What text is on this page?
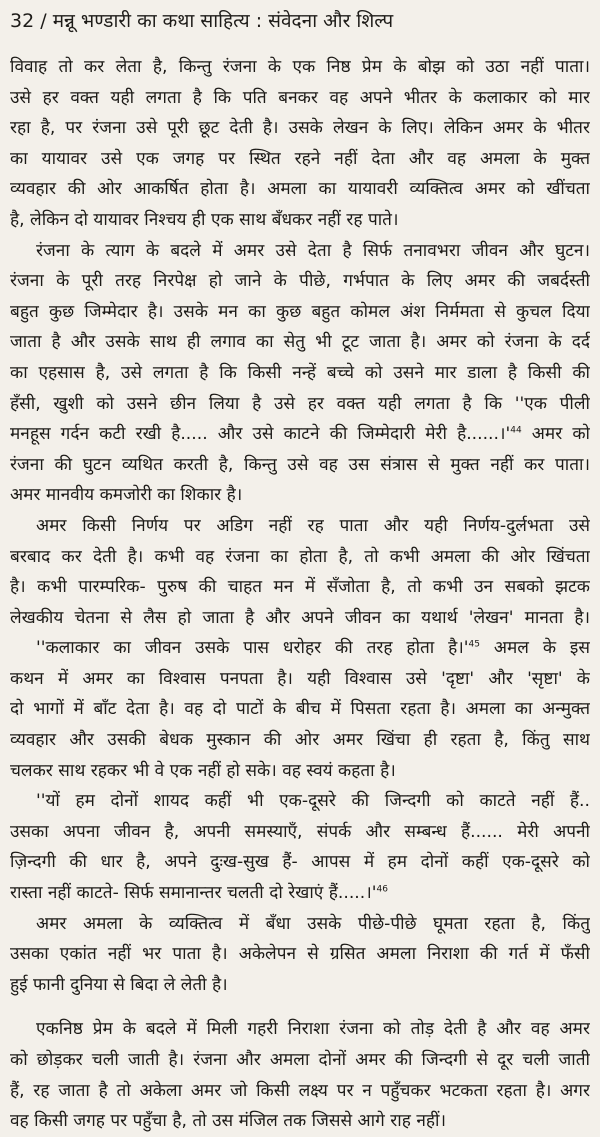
32 / मन्नू भण्डारी का कथा साहित्य : संवेदना और शिल्प
विवाह तो कर लेता है, किन्तु रंजना के एक निष्ठ प्रेम के बोझ को उठा नहीं पाता।
उसे हर वक्त यही लगता है कि पति बनकर वह अपने भीतर के कलाकार को मार
रहा है, पर रंजना उसे पूरी छूट देती है। उसके लेखन के लिए। लेकिन अमर के भीतर
का यायावर उसे एक जगह पर स्थित रहने नहीं देता और वह अमला के मुक्त
व्यवहार की ओर आकर्षित होता है। अमला का यायावरी व्यक्तित्व अमर को खींचता
है, लेकिन दो यायावर निश्चय ही एक साथ बँधकर नहीं रह पाते।
रंजना के त्याग के बदले में अमर उसे देता है सिर्फ तनावभरा जीवन और घुटन।
रंजना के पूरी तरह निरपेक्ष हो जाने के पीछे, गर्भपात के लिए अमर की जबर्दस्ती
बहुत कुछ जिम्मेदार है। उसके मन का कुछ बहुत कोमल अंश निर्ममता से कुचल दिया
जाता है और उसके साथ ही लगाव का सेतु भी टूट जाता है। अमर को रंजना के दर्द
का एहसास है, उसे लगता है कि किसी नन्हें बच्चे को उसने मार डाला है किसी की
हँसी, खुशी को उसने छीन लिया है उसे हर वक्त यही लगता है कि ''एक पीली
मनहूस गर्दन कटी रखी है..... और उसे काटने की जिम्मेदारी मेरी है......।'$^{44}$ अमर को
रंजना की घुटन व्यथित करती है, किन्तु उसे वह उस संत्रास से मुक्त नहीं कर पाता।
अमर मानवीय कमजोरी का शिकार है।
अमर किसी निर्णय पर अडिग नहीं रह पाता और यही निर्णय-दुर्लभता उसे
बरबाद कर देती है। कभी वह रंजना का होता है, तो कभी अमला की ओर खिंचता
है। कभी पारम्परिक- पुरुष की चाहत मन में सँजोता है, तो कभी उन सबको झटक
लेखकीय चेतना से लैस हो जाता है और अपने जीवन का यथार्थ 'लेखन' मानता है।
''कलाकार का जीवन उसके पास धरोहर की तरह होता है।'$^{45}$ अमल के इस
कथन में अमर का विश्वास पनपता है। यही विश्वास उसे 'दृष्टा' और 'सृष्टा' के
दो भागों में बाँट देता है। वह दो पाटों के बीच में पिसता रहता है। अमला का अन्मुक्त
व्यवहार और उसकी बेधक मुस्कान की ओर अमर खिंचा ही रहता है, किंतु साथ
चलकर साथ रहकर भी वे एक नहीं हो सके। वह स्वयं कहता है।
''यों हम दोनों शायद कहीं भी एक-दूसरे की जिन्दगी को काटते नहीं हैं..
उसका अपना जीवन है, अपनी समस्याएँ, संपर्क और सम्बन्ध हैं...... मेरी अपनी
ज़िन्दगी की धार है, अपने दुःख-सुख हैं- आपस में हम दोनों कहीं एक-दूसरे को
रास्ता नहीं काटते- सिर्फ समानान्तर चलती दो रेखाएं हैं.....।'$^{46}$
अमर अमला के व्यक्तित्व में बँधा उसके पीछे-पीछे घूमता रहता है, किंतु
उसका एकांत नहीं भर पाता है। अकेलेपन से ग्रसित अमला निराशा की गर्त में फँसी
हुई फानी दुनिया से बिदा ले लेती है।
एकनिष्ठ प्रेम के बदले में मिली गहरी निराशा रंजना को तोड़ देती है और वह अमर
को छोड़कर चली जाती है। रंजना और अमला दोनों अमर की जिन्दगी से दूर चली जाती
हैं, रह जाता है तो अकेला अमर जो किसी लक्ष्य पर न पहुँचकर भटकता रहता है। अगर
वह किसी जगह पर पहुँचा है, तो उस मंजिल तक जिससे आगे राह नहीं।
